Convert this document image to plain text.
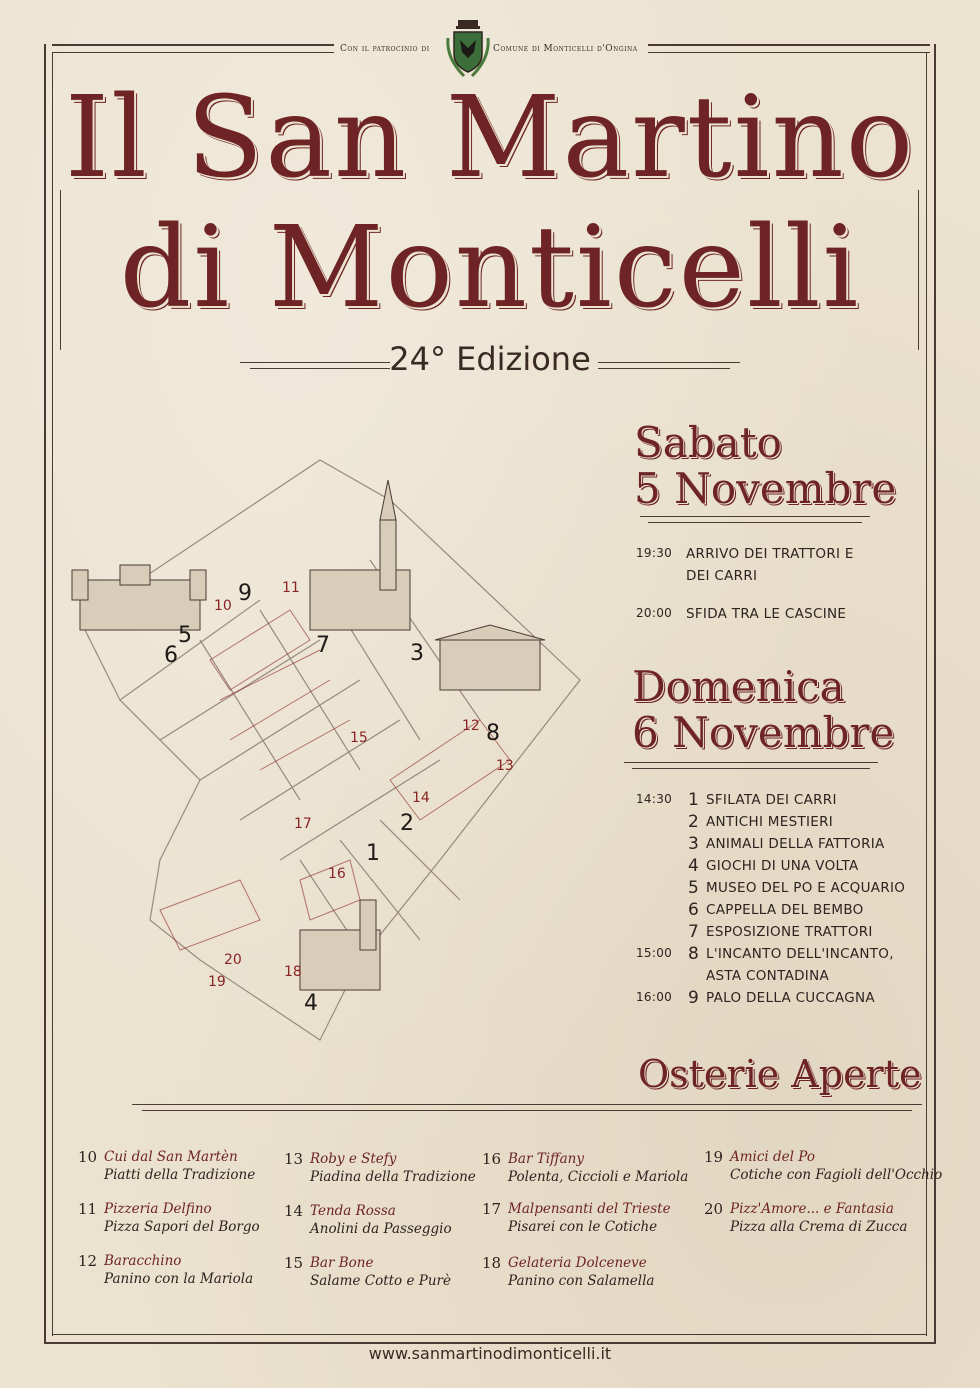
Con il patrocinio di	Comune di Monticelli d'Ongina
Il San Martino
di Monticelli
24° Edizione
1
2
3
4
5
6	7
8
9
10
11
12
13
14
15
16
17
18
19
20
Sabato
5 Novembre
19:30 ARRIVO DEI TRATTORI E
DEI CARRI
20:00 SFIDA TRA LE CASCINE
Domenica
6 Novembre
14:30 1 SFILATA DEI CARRI
2 ANTICHI MESTIERI
3 ANIMALI DELLA FATTORIA
4 GIOCHI DI UNA VOLTA
5 MUSEO DEL PO E ACQUARIO
6 CAPPELLA DEL BEMBO
7 ESPOSIZIONE TRATTORI
15:00 8 L'INCANTO DELL'INCANTO,
ASTA CONTADINA
16:00 9 PALO DELLA CUCCAGNA
Osterie Aperte
10 Cui dal San Martèn
Piatti della Tradizione
11 Pizzeria Delfino
Pizza Sapori del Borgo
12 Baracchino
Panino con la Mariola
13 Roby e Stefy
Piadina della Tradizione
14 Tenda Rossa
Anolini da Passeggio
15 Bar Bone
Salame Cotto e Purè
16 Bar Tiffany
Polenta, Ciccioli e Mariola
17 Malpensanti del Trieste
Pisarei con le Cotiche
18 Gelateria Dolceneve
Panino con Salamella
19 Amici del Po
Cotiche con Fagioli dell'Occhio
20 Pizz'Amore... e Fantasia
Pizza alla Crema di Zucca
www.sanmartinodimonticelli.it
